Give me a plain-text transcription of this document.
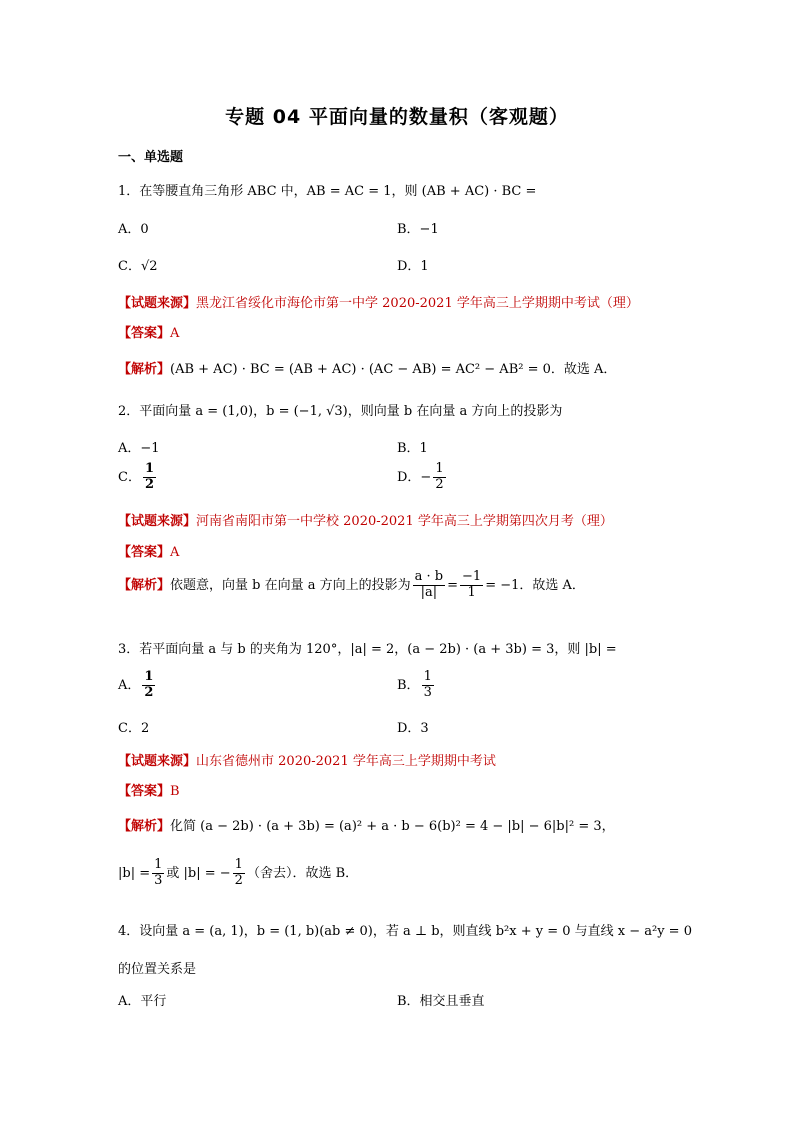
专题 04 平面向量的数量积（客观题）
一、单选题
1．在等腰直角三角形 ABC 中，AB = AC = 1，则 (AB + AC) · BC =
A．0	B．−1
C．√2	D．1
【试题来源】黑龙江省绥化市海伦市第一中学 2020-2021 学年高三上学期期中考试（理）
【答案】A
【解析】(AB + AC) · BC = (AB + AC) · (AC − AB) = AC² − AB² = 0．故选 A．
2．平面向量 a = (1,0)，b = (−1, √3)，则向量 b 在向量 a 方向上的投影为
A．−1	B．1
C． $\frac{1}{2}$	D．− $\frac{1}{2}$
【试题来源】河南省南阳市第一中学校 2020-2021 学年高三上学期第四次月考（理）
【答案】A
【解析】依题意，向量 b 在向量 a 方向上的投影为 $\frac{a \cdot b}{|a|} = \frac{-1}{1} = -1$．故选 A．
3．若平面向量 a 与 b 的夹角为 120°，|a| = 2，(a − 2b) · (a + 3b) = 3，则 |b| =
A． $\frac{1}{2}$	B． $\frac{1}{3}$
C．2	D．3
【试题来源】山东省德州市 2020-2021 学年高三上学期期中考试
【答案】B
【解析】化简 (a − 2b) · (a + 3b) = (a)² + a · b − 6(b)² = 4 − |b| − 6|b|² = 3，
$|b| = \frac{1}{3}$ 或 |b| = − $\frac{1}{2}$ （舍去）．故选 B．
4．设向量 a = (a, 1)，b = (1, b)(ab ≠ 0)，若 a ⊥ b，则直线 b²x + y = 0 与直线 x − a²y = 0
的位置关系是
A．平行	B．相交且垂直
